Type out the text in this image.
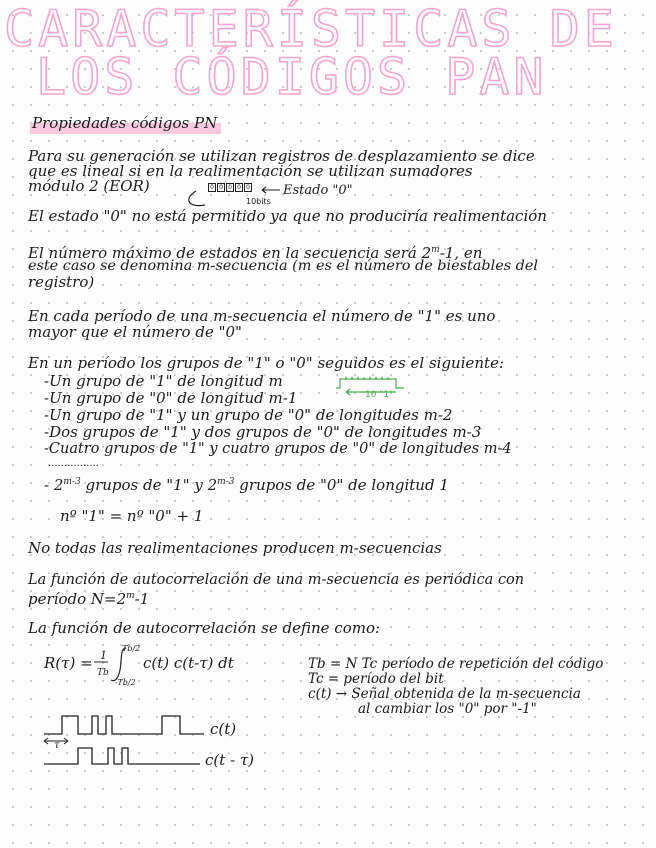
CARACTERÍSTICAS DE
LOS CÓDIGOS PAN
Propiedades códigos PN
Para su generación se utilizan registros de desplazamiento se dice
que es lineal si en la realimentación se utilizan sumadores
módulo 2 (EOR)	0 0 0 0 0
10bits
Estado "0"
El estado "0" no está permitido ya que no produciría realimentación
El número máximo de estados en la secuencia será 2$^m$-1, en
este caso se denomina m-secuencia (m es el número de biestables del
registro)
En cada período de una m-secuencia el número de "1" es uno
mayor que el número de "0"
En un período los grupos de "1" o "0" seguidos es el siguiente:
-Un grupo de "1" de longitud m
-Un grupo de "0" de longitud m-1
-Un grupo de "1" y un grupo de "0" de longitudes m-2
-Dos grupos de "1" y dos grupos de "0" de longitudes m-3
-Cuatro grupos de "1" y cuatro grupos de "0" de longitudes m-4
................
10 "1"
- 2$^{m-3}$ grupos de "1" y 2$^{m-3}$ grupos de "0" de longitud 1
nº "1" = nº "0" + 1
No todas las realimentaciones producen m-secuencias
La función de autocorrelación de una m-secuencia es periódica con
período $N=2^m-1$
La función de autocorrelación se define como:
R(τ) = 1
Tb
Tb/2
-Tb/2
c(t) c(t-τ) dt	Tb = N Tc período de repetición del código
Tc = período del bit
c(t) → Señal obtenida de la m-secuencia
al cambiar los "0" por "-1"
c(t)
c(t - τ)
τ
